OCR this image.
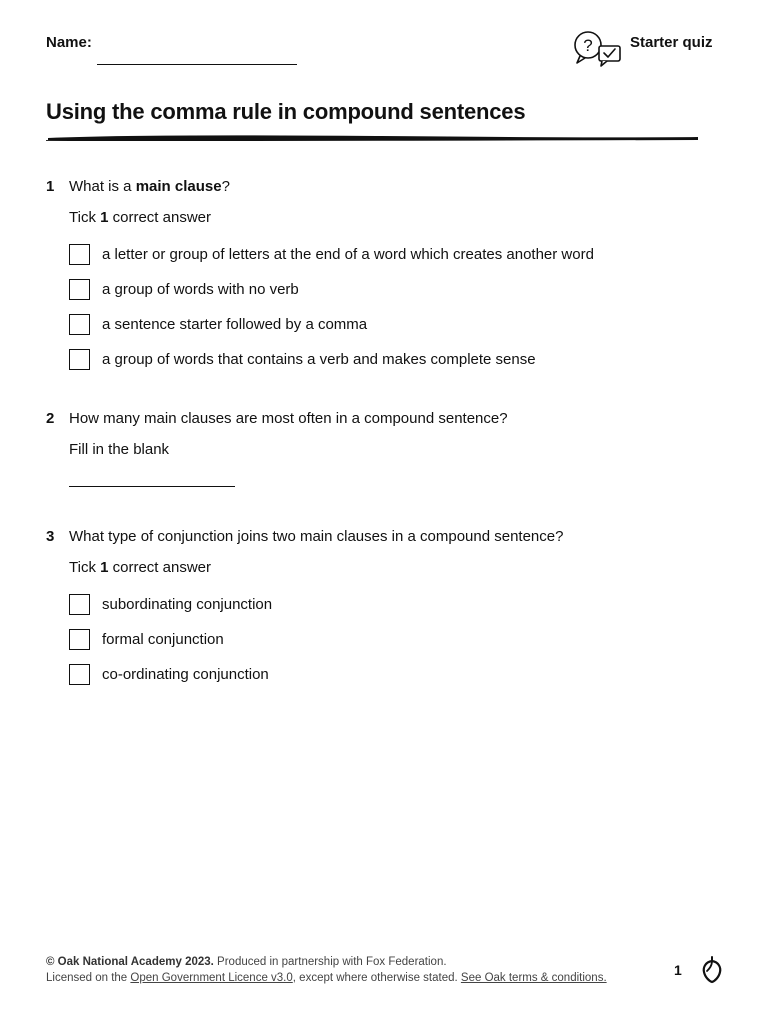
Name:	? Starter quiz
Using the comma rule in compound sentences
1 What is a main clause?
Tick 1 correct answer
a letter or group of letters at the end of a word which creates another word
a group of words with no verb
a sentence starter followed by a comma
a group of words that contains a verb and makes complete sense
2 How many main clauses are most often in a compound sentence?
Fill in the blank
3 What type of conjunction joins two main clauses in a compound sentence?
Tick 1 correct answer
subordinating conjunction
formal conjunction
co-ordinating conjunction
© Oak National Academy 2023. Produced in partnership with Fox Federation.
Licensed on the Open Government Licence v3.0, except where otherwise stated. See Oak terms & conditions.	1
